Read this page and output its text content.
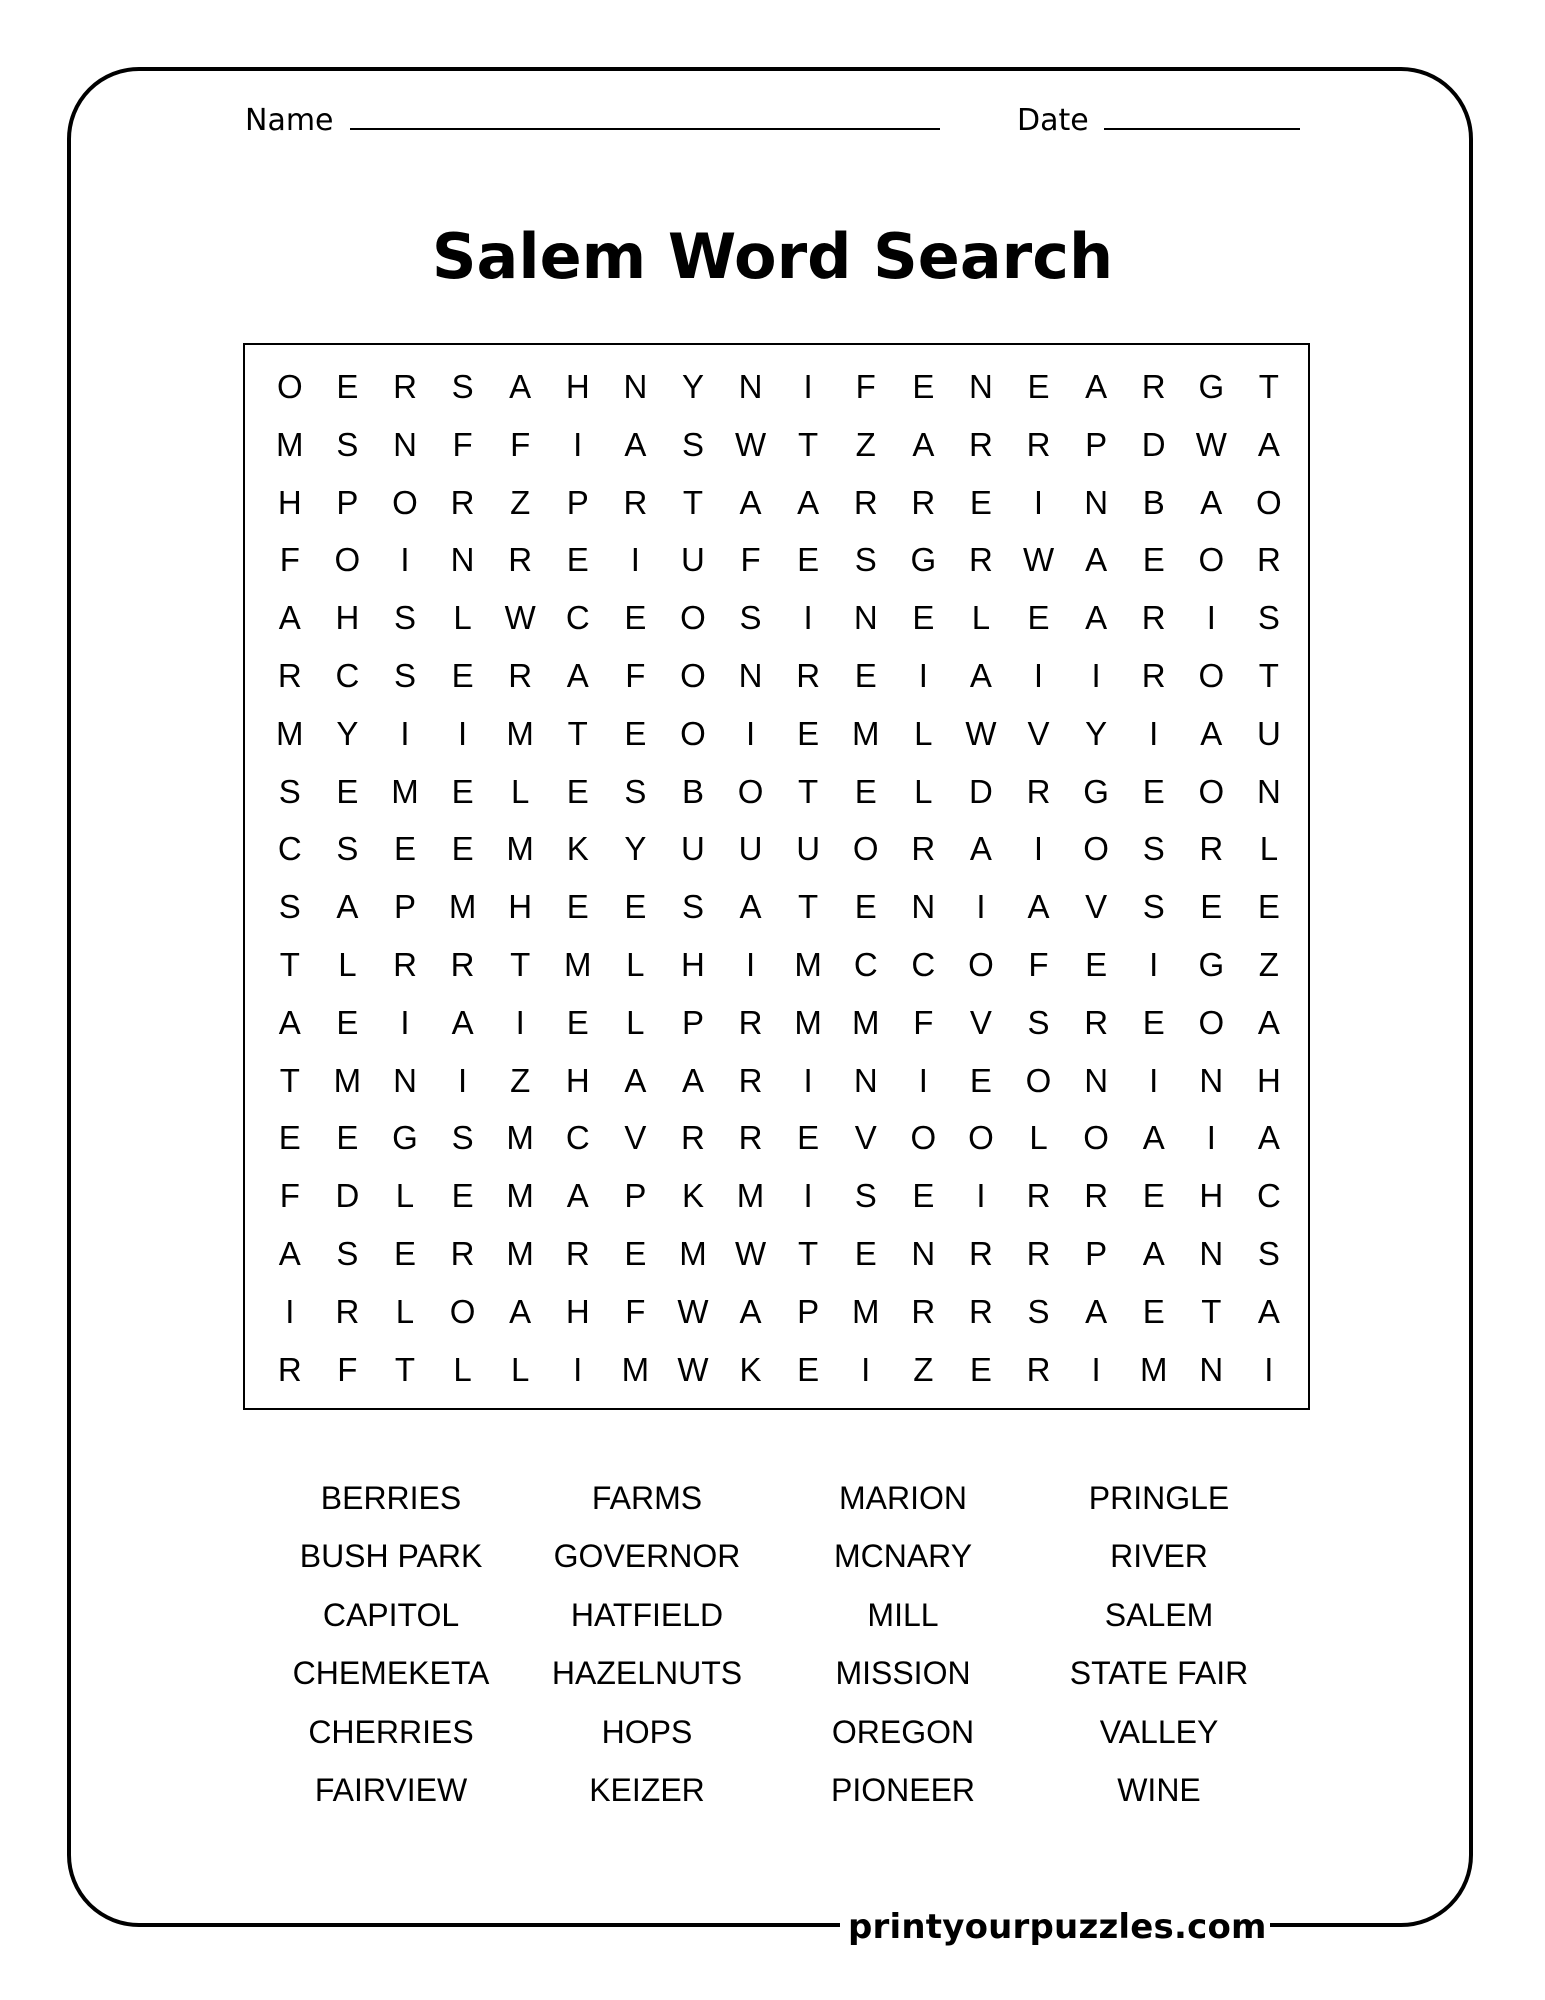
printyourpuzzles.com
Name	Date
Salem Word Search
O	E	R	S	A	H	N	Y	N	I	F	E	N	E	A	R G	T
M S	N	F	F	I	A	S W T	Z	A	R	R	P	D W A
H	P	O R	Z	P	R	T	A	A	R	R	E	I	N	B	A	O
F	O	I	N	R	E	I	U	F	E	S	G R W A	E	O R
A	H	S	L W C	E	O	S	I	N	E	L	E	A	R	I	S
R	C	S	E	R	A	F	O N	R	E	I	A	I	I	R O	T
M Y	I	I	M	T	E	O	I	E M	L W V	Y	I	A	U
S	E M E	L	E	S	B	O	T	E	L	D	R G	E	O N
C	S	E	E M K	Y	U	U	U O R	A	I	O	S	R	L
S	A	P M H	E	E	S	A	T	E	N	I	A	V	S	E	E
T	L	R	R	T	M	L	H	I	M C	C O	F	E	I	G	Z
A	E	I	A	I	E	L	P	R M M	F	V	S	R	E	O	A
T	M N	I	Z	H	A	A	R	I	N	I	E	O N	I	N	H
E	E	G	S M C	V	R	R	E	V	O O	L	O	A	I	A
F	D	L	E M A	P	K M	I	S	E	I	R	R	E	H	C
A	S	E	R M R	E M W T	E	N	R	R	P	A	N	S
I	R	L	O	A	H	F W A	P M R	R	S	A	E	T	A
R	F	T	L	L	I	M W K	E	I	Z	E	R	I	M N	I
BERRIES	FARMS	MARION	PRINGLE
BUSH PARK	GOVERNOR	MCNARY	RIVER
CAPITOL	HATFIELD	MILL	SALEM
CHEMEKETA	HAZELNUTS	MISSION	STATE FAIR
CHERRIES	HOPS	OREGON	VALLEY
FAIRVIEW	KEIZER	PIONEER	WINE
